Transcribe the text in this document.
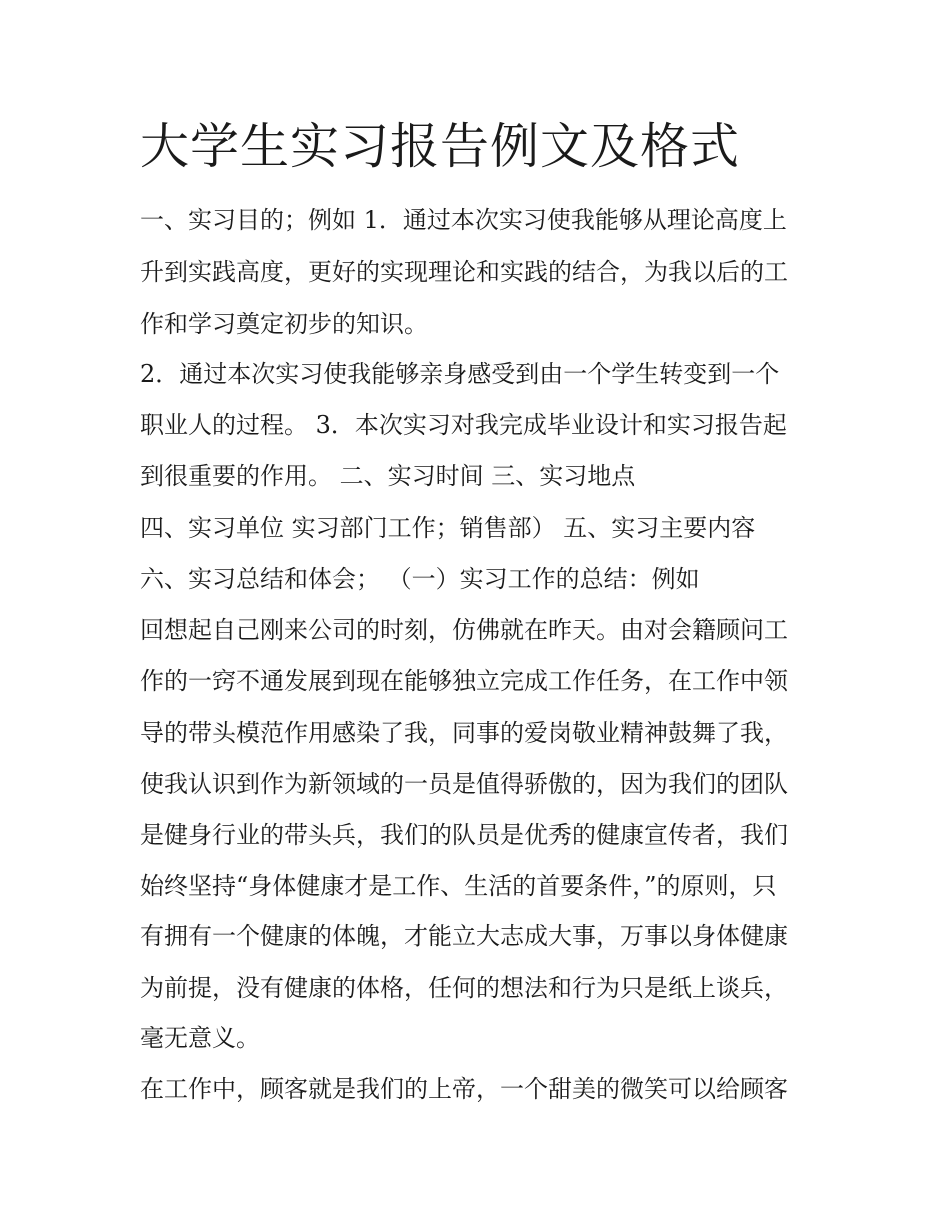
大学生实习报告例文及格式

一、实习目的；例如 1．通过本次实习使我能够从理论高度上

升到实践高度，更好的实现理论和实践的结合，为我以后的工

作和学习奠定初步的知识。

2．通过本次实习使我能够亲身感受到由一个学生转变到一个

职业人的过程。 3．本次实习对我完成毕业设计和实习报告起

到很重要的作用。 二、实习时间 三、实习地点

四、实习单位 实习部门工作；销售部） 五、实习主要内容

六、实习总结和体会； （一）实习工作的总结：例如

回想起自己刚来公司的时刻，仿佛就在昨天。由对会籍顾问工

作的一窍不通发展到现在能够独立完成工作任务，在工作中领

导的带头模范作用感染了我，同事的爱岗敬业精神鼓舞了我，

使我认识到作为新领域的一员是值得骄傲的，因为我们的团队

是健身行业的带头兵，我们的队员是优秀的健康宣传者，我们

始终坚持“身体健康才是工作、生活的首要条件，”的原则，只

有拥有一个健康的体魄，才能立大志成大事，万事以身体健康

为前提，没有健康的体格，任何的想法和行为只是纸上谈兵，

毫无意义。

在工作中，顾客就是我们的上帝，一个甜美的微笑可以给顾客
